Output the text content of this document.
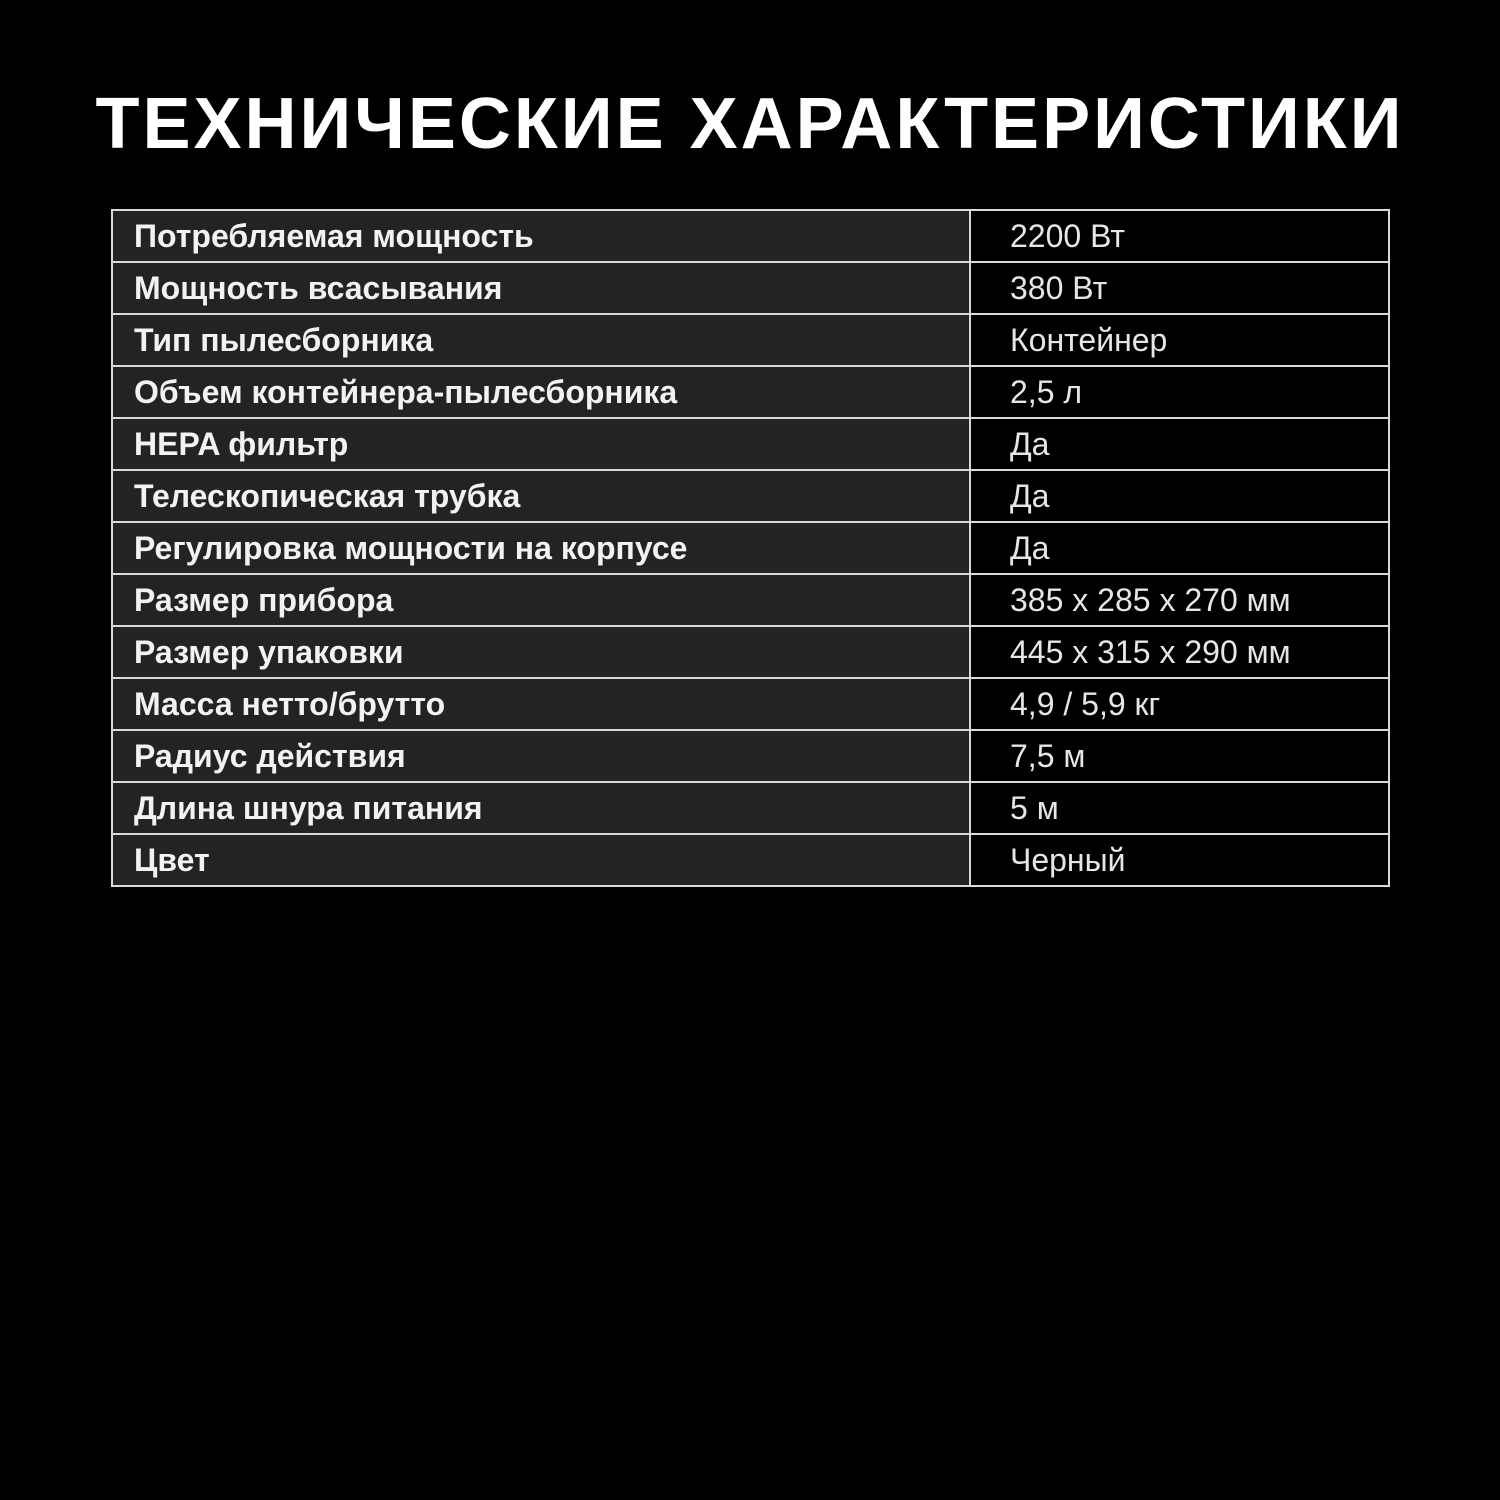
ТЕХНИЧЕСКИЕ ХАРАКТЕРИСТИКИ
Потребляемая мощность	2200 Вт
Мощность всасывания	380 Вт
Тип пылесборника	Контейнер
Объем контейнера-пылесборника	2,5 л
HEPA фильтр	Да
Телескопическая трубка	Да
Регулировка мощности на корпусе	Да
Размер прибора	385 x 285 x 270 мм
Размер упаковки	445 x 315 x 290 мм
Масса нетто/брутто	4,9 / 5,9 кг
Радиус действия	7,5 м
Длина шнура питания	5 м
Цвет	Черный
